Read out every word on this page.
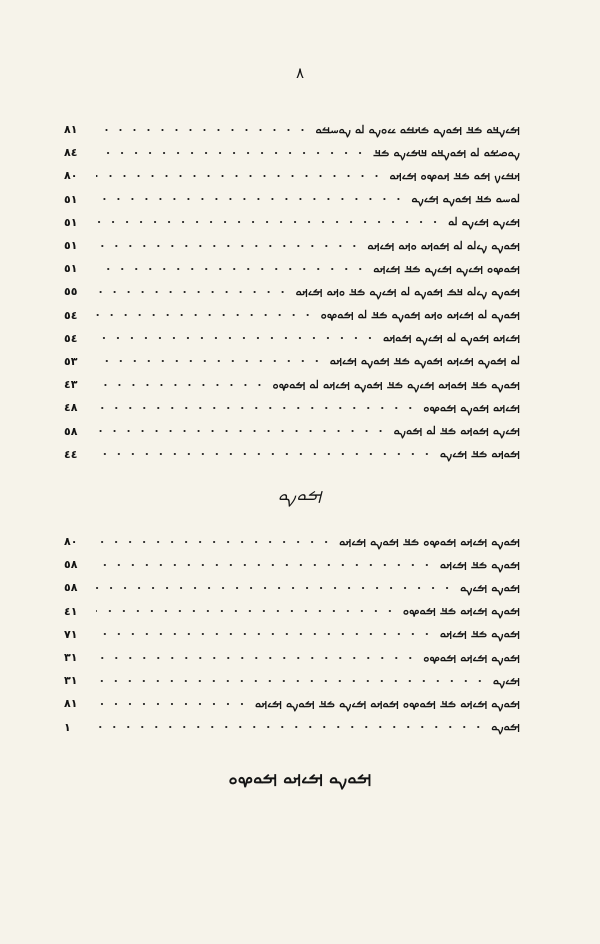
٨
ࡌࡉࡍࡃࡀ ࡏࡃ ࡌࡀࡍࡀ ࡏࡕࡓࡀ ࡖࡀࡍࡀ ࡋࡀ ࡍࡀࡄࡓࡀ
٨١
ࡍࡀࡎࡁࡀ ࡋࡀ ࡌࡀࡍࡃࡀ ࡃࡌࡉࡍࡀ ࡏࡃ
٨٤
ࡕࡓࡉࡍ ࡌࡀ ࡏࡃ ࡕࡀࡔࡀ ࡌࡉࡕࡀ
٨٠
ࡋࡀࡄࡀ ࡏࡃ ࡌࡀࡍࡀ ࡌࡉࡍࡀ
٥١
ࡌࡉࡍࡀ ࡌࡉࡍࡀ ࡋࡀ
٥١
ࡌࡀࡍࡀ ࡍࡉࡋࡀ ࡋࡀ ࡌࡀࡕࡀ ࡀࡕࡀ ࡌࡉࡕࡀ
٥١
ࡌࡀࡔࡀ ࡌࡉࡍࡀ ࡌࡉࡍࡀ ࡏࡃ ࡌࡉࡕࡀ
٥١
ࡌࡀࡍࡀ ࡍࡉࡋࡀ ࡃࡏ ࡌࡀࡍࡀ ࡋࡀ ࡌࡉࡍࡀ ࡏࡃ ࡀࡕࡀ ࡌࡉࡕࡀ
٥٥
ࡌࡀࡍࡀ ࡋࡀ ࡌࡉࡕࡀ ࡀࡕࡀ ࡌࡀࡍࡀ ࡏࡃ ࡋࡀ ࡌࡀࡔࡀ
٥٤
ࡌࡉࡕࡀ ࡌࡀࡍࡀ ࡋࡀ ࡌࡉࡍࡀ ࡌࡀࡕࡀ
٥٤
ࡋࡀ ࡌࡀࡍࡀ ࡌࡉࡕࡀ ࡌࡀࡍࡀ ࡏࡃ ࡌࡀࡍࡀ ࡌࡉࡕࡀ
٥٣
ࡌࡀࡍࡀ ࡏࡃ ࡌࡀࡕࡀ ࡌࡉࡍࡀ ࡏࡃ ࡌࡀࡍࡀ ࡌࡉࡕࡀ ࡋࡀ ࡌࡀࡔࡀ
٤٣
ࡌࡉࡕࡀ ࡌࡀࡍࡀ ࡌࡀࡔࡀ
٤٨
ࡌࡉࡍࡀ ࡌࡀࡕࡀ ࡏࡃ ࡋࡀ ࡌࡀࡍࡀ
٥٨
ࡌࡀࡕࡀ ࡏࡃ ࡌࡉࡍࡀ
٤٤
ࡌࡀࡍࡀ
ࡌࡀࡍࡀ ࡌࡉࡕࡀ ࡌࡀࡔࡀ ࡏࡃ ࡌࡀࡍࡀ ࡌࡉࡕࡀ
٨٠
ࡌࡀࡍࡀ ࡏࡃ ࡌࡉࡕࡀ
٥٨
ࡌࡀࡍࡀ ࡌࡉࡍࡀ
٥٨
ࡌࡀࡍࡀ ࡌࡉࡕࡀ ࡏࡃ ࡌࡀࡔࡀ
٤١
ࡌࡀࡍࡀ ࡏࡃ ࡌࡉࡕࡀ
٧١
ࡌࡀࡍࡀ ࡌࡉࡕࡀ ࡌࡀࡔࡀ
٣١
ࡌࡉࡍࡀ
٣١
ࡌࡀࡍࡀ ࡌࡉࡕࡀ ࡏࡃ ࡌࡀࡔࡀ ࡌࡀࡕࡀ ࡌࡉࡍࡀ ࡏࡃ ࡌࡀࡍࡀ ࡌࡉࡕࡀ
٨١
ࡌࡀࡍࡀ
١
ࡌࡀࡍࡀ ࡌࡉࡕࡀ ࡌࡀࡔࡀ
